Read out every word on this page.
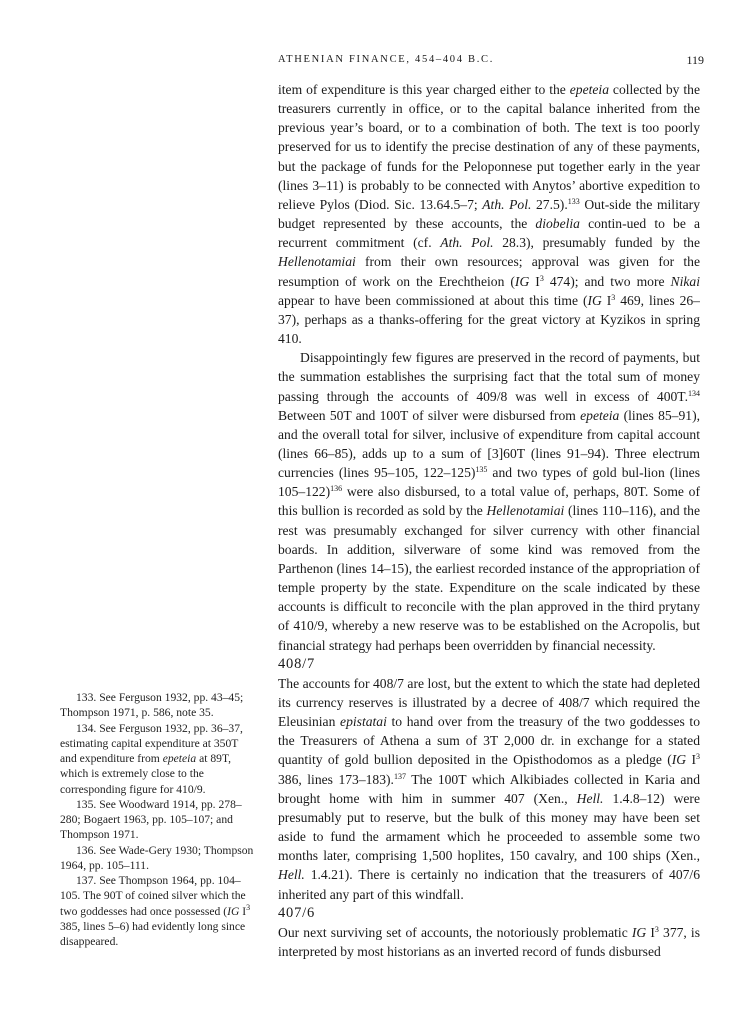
ATHENIAN FINANCE, 454–404 B.C.	119

item of expenditure is this year charged either to the epeteia collected by the treasurers currently in office, or to the capital balance inherited from the previous year’s board, or to a combination of both. The text is too poorly preserved for us to identify the precise destination of any of these payments, but the package of funds for the Peloponnese put together early in the year (lines 3–11) is probably to be connected with Anytos’ abortive expedition to relieve Pylos (Diod. Sic. 13.64.5–7; Ath. Pol. 27.5).$^{133}$ Out-side the military budget represented by these accounts, the diobelia contin-ued to be a recurrent commitment (cf. Ath. Pol. 28.3), presumably funded by the Hellenotamiai from their own resources; approval was given for the resumption of work on the Erechtheion (IG $I^3$ 474); and two more Nikai appear to have been commissioned at about this time (IG $I^3$ 469, lines 26–37), perhaps as a thanks-offering for the great victory at Kyzikos in spring 410.

Disappointingly few figures are preserved in the record of payments, but the summation establishes the surprising fact that the total sum of money passing through the accounts of 409/8 was well in excess of 400T.$^{134}$ Between 50T and 100T of silver were disbursed from epeteia (lines 85–91), and the overall total for silver, inclusive of expenditure from capital account (lines 66–85), adds up to a sum of [3]60T (lines 91–94). Three electrum currencies (lines 95–105, 122–125)$^{135}$ and two types of gold bul-lion (lines 105–122)$^{136}$ were also disbursed, to a total value of, perhaps, 80T. Some of this bullion is recorded as sold by the Hellenotamiai (lines 110–116), and the rest was presumably exchanged for silver currency with other financial boards. In addition, silverware of some kind was removed from the Parthenon (lines 14–15), the earliest recorded instance of the appropriation of temple property by the state. Expenditure on the scale indicated by these accounts is difficult to reconcile with the plan approved in the third prytany of 410/9, whereby a new reserve was to be established on the Acropolis, but financial strategy had perhaps been overridden by financial necessity.

408/7

The accounts for 408/7 are lost, but the extent to which the state had depleted its currency reserves is illustrated by a decree of 408/7 which required the Eleusinian epistatai to hand over from the treasury of the two goddesses to the Treasurers of Athena a sum of 3T 2,000 dr. in exchange for a stated quantity of gold bullion deposited in the Opisthodomos as a pledge (IG $I^3$ 386, lines 173–183).$^{137}$ The 100T which Alkibiades collected in Karia and brought home with him in summer 407 (Xen., Hell. 1.4.8–12) were presumably put to reserve, but the bulk of this money may have been set aside to fund the armament which he proceeded to assemble some two months later, comprising 1,500 hoplites, 150 cavalry, and 100 ships (Xen., Hell. 1.4.21). There is certainly no indication that the treasurers of 407/6 inherited any part of this windfall.

407/6

Our next surviving set of accounts, the notoriously problematic IG $I^3$ 377, is interpreted by most historians as an inverted record of funds disbursed

133. See Ferguson 1932, pp. 43–45; Thompson 1971, p. 586, note 35.

134. See Ferguson 1932, pp. 36–37, estimating capital expenditure at 350T and expenditure from epeteia at 89T, which is extremely close to the corresponding figure for 410/9.

135. See Woodward 1914, pp. 278–280; Bogaert 1963, pp. 105–107; and Thompson 1971.

136. See Wade-Gery 1930; Thompson 1964, pp. 105–111.

137. See Thompson 1964, pp. 104–105. The 90T of coined silver which the two goddesses had once possessed (IG $I^3$ 385, lines 5–6) had evidently long since disappeared.
